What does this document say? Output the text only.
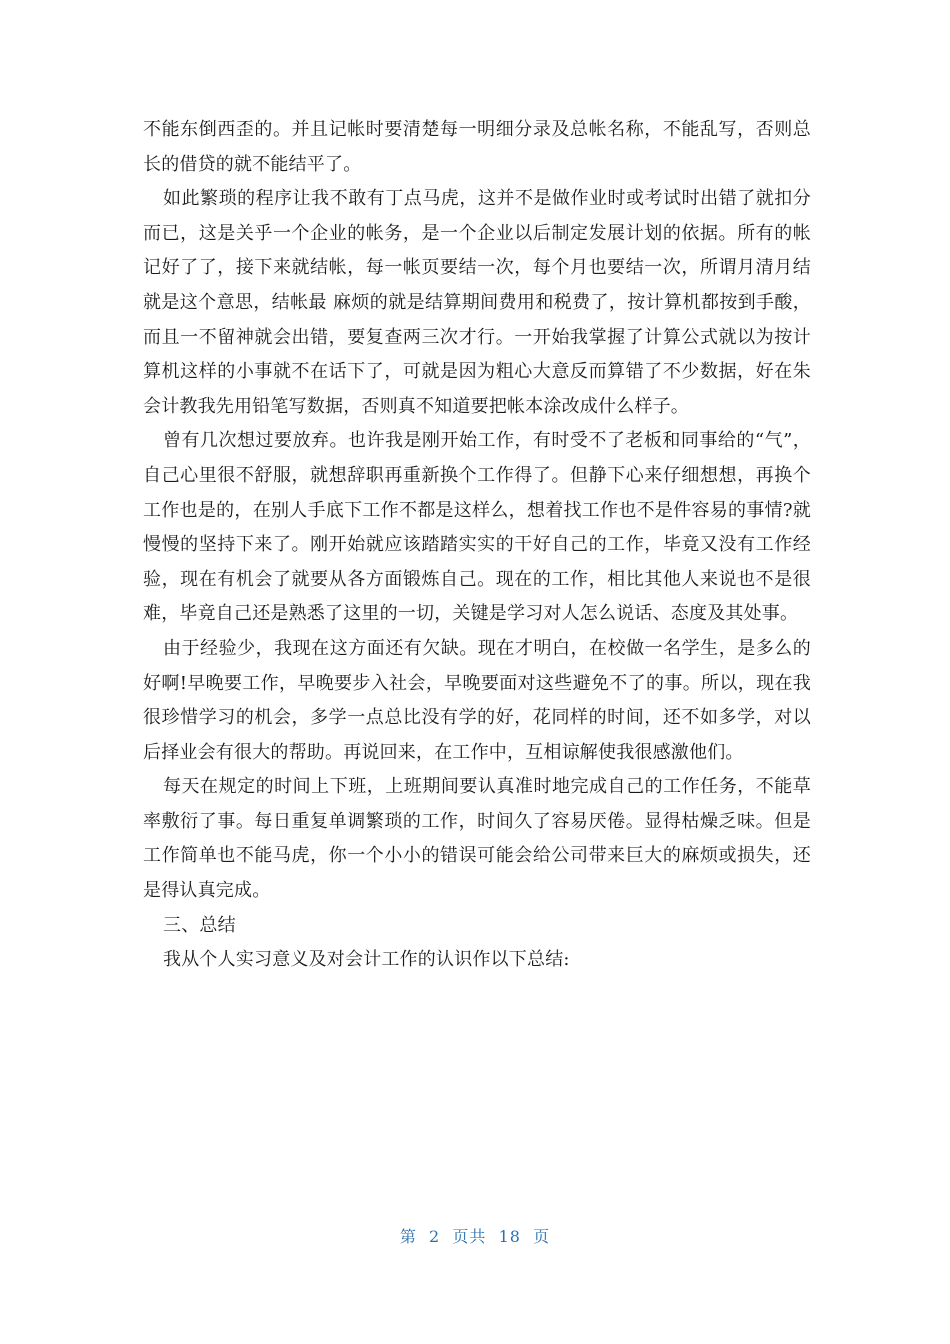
不能东倒西歪的。并且记帐时要清楚每一明细分录及总帐名称，不能乱写，否则总长的借贷的就不能结平了。

如此繁琐的程序让我不敢有丁点马虎，这并不是做作业时或考试时出错了就扣分而已，这是关乎一个企业的帐务，是一个企业以后制定发展计划的依据。所有的帐记好了了，接下来就结帐，每一帐页要结一次，每个月也要结一次，所谓月清月结就是这个意思，结帐最 麻烦的就是结算期间费用和税费了，按计算机都按到手酸，而且一不留神就会出错，要复查两三次才行。一开始我掌握了计算公式就以为按计算机这样的小事就不在话下了，可就是因为粗心大意反而算错了不少数据，好在朱会计教我先用铅笔写数据，否则真不知道要把帐本涂改成什么样子。

曾有几次想过要放弃。也许我是刚开始工作，有时受不了老板和同事给的“气”，自己心里很不舒服，就想辞职再重新换个工作得了。但静下心来仔细想想，再换个工作也是的，在别人手底下工作不都是这样么，想着找工作也不是件容易的事情?就慢慢的坚持下来了。刚开始就应该踏踏实实的干好自己的工作，毕竟又没有工作经验，现在有机会了就要从各方面锻炼自己。现在的工作，相比其他人来说也不是很难，毕竟自己还是熟悉了这里的一切，关键是学习对人怎么说话、态度及其处事。

由于经验少，我现在这方面还有欠缺。现在才明白，在校做一名学生，是多么的好啊!早晚要工作，早晚要步入社会，早晚要面对这些避免不了的事。所以，现在我很珍惜学习的机会，多学一点总比没有学的好，花同样的时间，还不如多学，对以后择业会有很大的帮助。再说回来，在工作中，互相谅解使我很感激他们。

每天在规定的时间上下班，上班期间要认真准时地完成自己的工作任务，不能草率敷衍了事。每日重复单调繁琐的工作，时间久了容易厌倦。显得枯燥乏味。但是工作简单也不能马虎，你一个小小的错误可能会给公司带来巨大的麻烦或损失，还是得认真完成。

三、总结

我从个人实习意义及对会计工作的认识作以下总结:

第 2 页共 18 页
